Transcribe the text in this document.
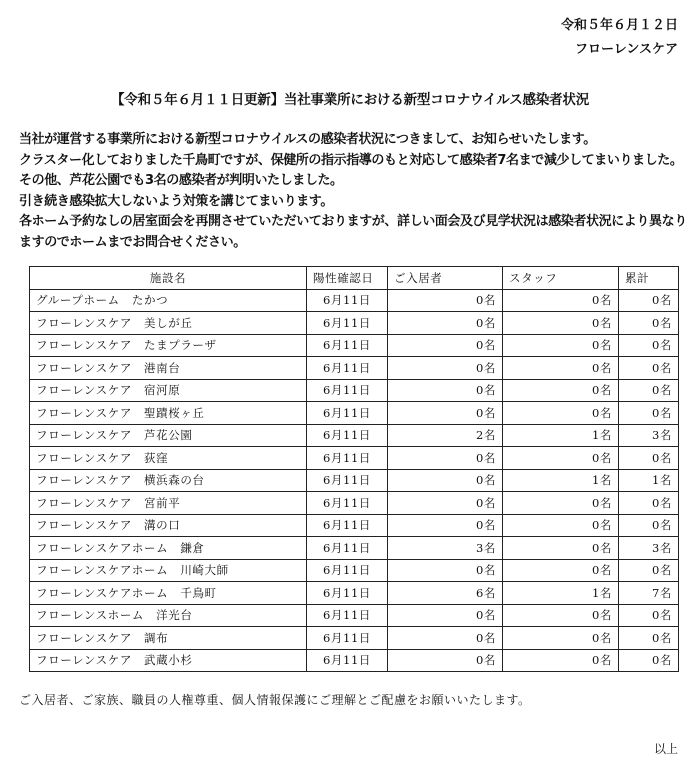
令和５年６月１２日
フローレンスケア
【令和５年６月１１日更新】当社事業所における新型コロナウイルス感染者状況
当社が運営する事業所における新型コロナウイルスの感染者状況につきまして、お知らせいたします。
クラスター化しておりました千鳥町ですが、保健所の指示指導のもと対応して感染者7名まで減少してまいりました。
その他、芦花公園でも3名の感染者が判明いたしました。
引き続き感染拡大しないよう対策を講じてまいります。
各ホーム予約なしの居室面会を再開させていただいておりますが、詳しい面会及び見学状況は感染者状況により異なりますのでホームまでお問合せください。
施設名	陽性確認日	ご入居者	スタッフ	累計
グループホーム　たかつ	6月11日	0名	0名	0名
フローレンスケア　美しが丘	6月11日	0名	0名	0名
フローレンスケア　たまプラーザ	6月11日	0名	0名	0名
フローレンスケア　港南台	6月11日	0名	0名	0名
フローレンスケア　宿河原	6月11日	0名	0名	0名
フローレンスケア　聖蹟桜ヶ丘	6月11日	0名	0名	0名
フローレンスケア　芦花公園	6月11日	2名	1名	3名
フローレンスケア　荻窪	6月11日	0名	0名	0名
フローレンスケア　横浜森の台	6月11日	0名	1名	1名
フローレンスケア　宮前平	6月11日	0名	0名	0名
フローレンスケア　溝の口	6月11日	0名	0名	0名
フローレンスケアホーム　鎌倉	6月11日	3名	0名	3名
フローレンスケアホーム　川崎大師	6月11日	0名	0名	0名
フローレンスケアホーム　千鳥町	6月11日	6名	1名	7名
フローレンスホーム　洋光台	6月11日	0名	0名	0名
フローレンスケア　調布	6月11日	0名	0名	0名
フローレンスケア　武蔵小杉	6月11日	0名	0名	0名
ご入居者、ご家族、職員の人権尊重、個人情報保護にご理解とご配慮をお願いいたします。
以上
